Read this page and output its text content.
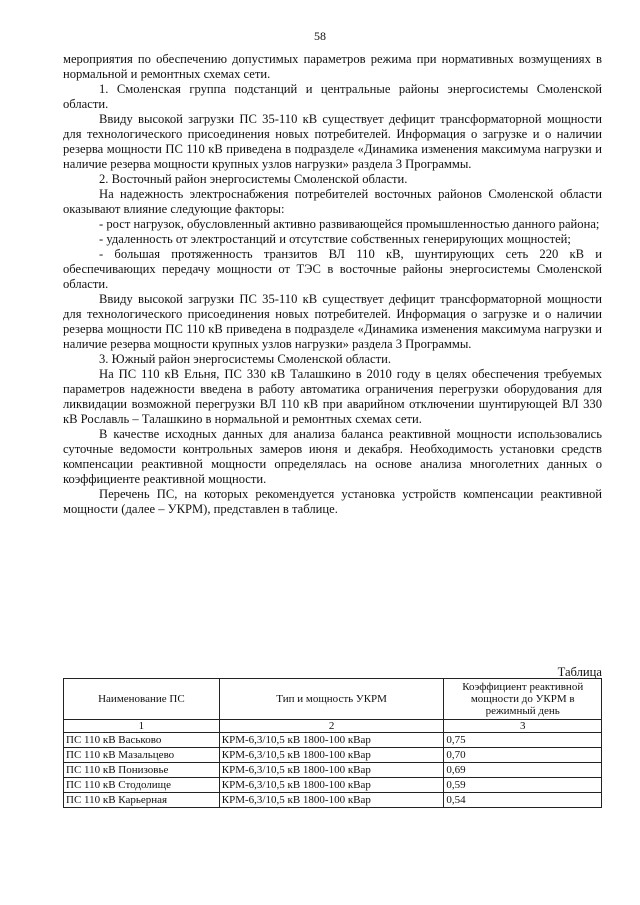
58

мероприятия по обеспечению допустимых параметров режима при нормативных возмущениях в нормальной и ремонтных схемах сети.

1. Смоленская группа подстанций и центральные районы энергосистемы Смоленской области.

Ввиду высокой загрузки ПС 35-110 кВ существует дефицит трансформаторной мощности для технологического присоединения новых потребителей. Информация о загрузке и о наличии резерва мощности ПС 110 кВ приведена в подразделе «Динамика изменения максимума нагрузки и наличие резерва мощности крупных узлов нагрузки» раздела 3 Программы.

2. Восточный район энергосистемы Смоленской области.

На надежность электроснабжения потребителей восточных районов Смоленской области оказывают влияние следующие факторы:

- рост нагрузок, обусловленный активно развивающейся промышленностью данного района;

- удаленность от электростанций и отсутствие собственных генерирующих мощностей;

- большая протяженность транзитов ВЛ 110 кВ, шунтирующих сеть 220 кВ и обеспечивающих передачу мощности от ТЭС в восточные районы энергосистемы Смоленской области.

Ввиду высокой загрузки ПС 35-110 кВ существует дефицит трансформаторной мощности для технологического присоединения новых потребителей. Информация о загрузке и о наличии резерва мощности ПС 110 кВ приведена в подразделе «Динамика изменения максимума нагрузки и наличие резерва мощности крупных узлов нагрузки» раздела 3 Программы.

3. Южный район энергосистемы Смоленской области.

На ПС 110 кВ Ельня, ПС 330 кВ Талашкино в 2010 году в целях обеспечения требуемых параметров надежности введена в работу автоматика ограничения перегрузки оборудования для ликвидации возможной перегрузки ВЛ 110 кВ при аварийном отключении шунтирующей ВЛ 330 кВ Рославль – Талашкино в нормальной и ремонтных схемах сети.

В качестве исходных данных для анализа баланса реактивной мощности использовались суточные ведомости контрольных замеров июня и декабря. Необходимость установки средств компенсации реактивной мощности определялась на основе анализа многолетних данных о коэффициенте реактивной мощности.

Перечень ПС, на которых рекомендуется установка устройств компенсации реактивной мощности (далее – УКРМ), представлен в таблице.

Таблица
Наименование ПС	Тип и мощность УКРМ	Коэффициент реактивной мощности до УКРМ в режимный день
1	2	3
ПС 110 кВ Васьково	КРМ-6,3/10,5 кВ 1800-100 кВар	0,75
ПС 110 кВ Мазальцево	КРМ-6,3/10,5 кВ 1800-100 кВар	0,70
ПС 110 кВ Понизовье	КРМ-6,3/10,5 кВ 1800-100 кВар	0,69
ПС 110 кВ Стодолище	КРМ-6,3/10,5 кВ 1800-100 кВар	0,59
ПС 110 кВ Карьерная	КРМ-6,3/10,5 кВ 1800-100 кВар	0,54
